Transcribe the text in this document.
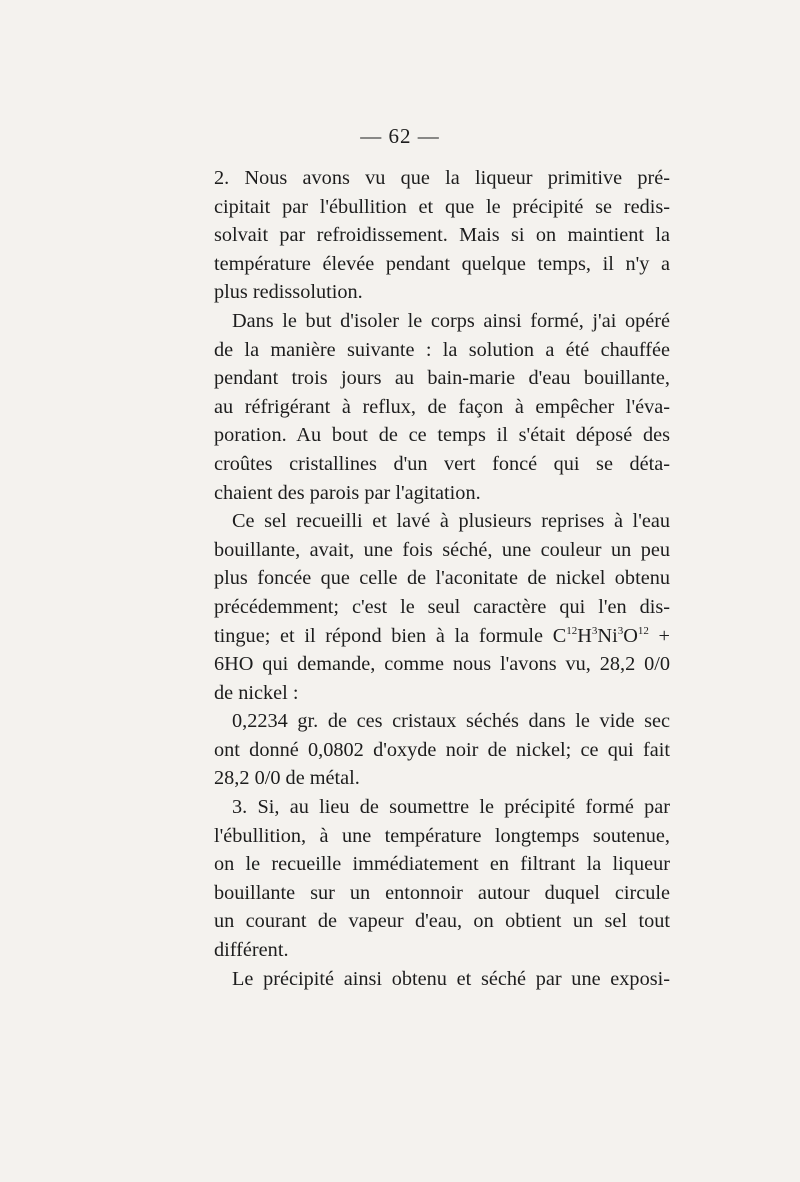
— 62 —

2. Nous avons vu que la liqueur primitive pré-
cipitait par l'ébullition et que le précipité se redis-
solvait par refroidissement. Mais si on maintient la
température élevée pendant quelque temps, il n'y a
plus redissolution.

Dans le but d'isoler le corps ainsi formé, j'ai opéré
de la manière suivante : la solution a été chauffée
pendant trois jours au bain-marie d'eau bouillante,
au réfrigérant à reflux, de façon à empêcher l'éva-
poration. Au bout de ce temps il s'était déposé des
croûtes cristallines d'un vert foncé qui se déta-
chaient des parois par l'agitation.

Ce sel recueilli et lavé à plusieurs reprises à l'eau
bouillante, avait, une fois séché, une couleur un peu
plus foncée que celle de l'aconitate de nickel obtenu
précédemment; c'est le seul caractère qui l'en dis-
tingue; et il répond bien à la formule $C^{12}H^3Ni^3O^{12}$ +
6HO qui demande, comme nous l'avons vu, 28,2 0/0
de nickel :

0,2234 gr. de ces cristaux séchés dans le vide sec
ont donné 0,0802 d'oxyde noir de nickel; ce qui fait
28,2 0/0 de métal.

3. Si, au lieu de soumettre le précipité formé par
l'ébullition, à une température longtemps soutenue,
on le recueille immédiatement en filtrant la liqueur
bouillante sur un entonnoir autour duquel circule
un courant de vapeur d'eau, on obtient un sel tout
différent.

Le précipité ainsi obtenu et séché par une exposi-
